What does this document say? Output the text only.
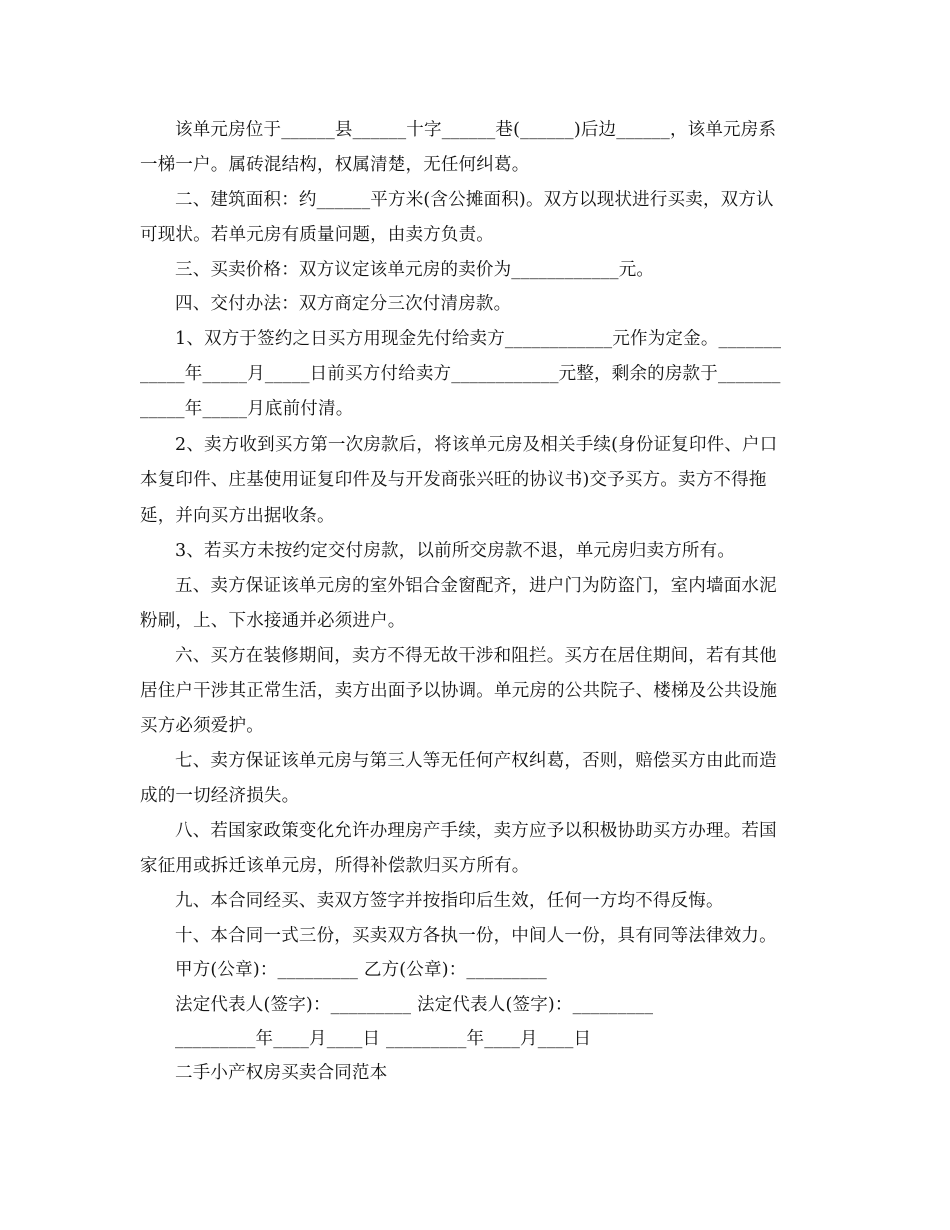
该单元房位于______县______十字______巷(______)后边______，该单元房系
一梯一户。属砖混结构，权属清楚，无任何纠葛。
二、建筑面积：约______平方米(含公摊面积)。双方以现状进行买卖，双方认
可现状。若单元房有质量问题，由卖方负责。
三、买卖价格：双方议定该单元房的卖价为____________元。
四、交付办法：双方商定分三次付清房款。
1、双方于签约之日买方用现金先付给卖方____________元作为定金。_______
_____年_____月_____日前买方付给卖方____________元整，剩余的房款于_______
_____年_____月底前付清。
2、卖方收到买方第一次房款后，将该单元房及相关手续(身份证复印件、户口
本复印件、庄基使用证复印件及与开发商张兴旺的协议书)交予买方。卖方不得拖
延，并向买方出据收条。
3、若买方未按约定交付房款，以前所交房款不退，单元房归卖方所有。
五、卖方保证该单元房的室外铝合金窗配齐，进户门为防盗门，室内墙面水泥
粉刷，上、下水接通并必须进户。
六、买方在装修期间，卖方不得无故干涉和阻拦。买方在居住期间，若有其他
居住户干涉其正常生活，卖方出面予以协调。单元房的公共院子、楼梯及公共设施
买方必须爱护。
七、卖方保证该单元房与第三人等无任何产权纠葛，否则，赔偿买方由此而造
成的一切经济损失。
八、若国家政策变化允许办理房产手续，卖方应予以积极协助买方办理。若国
家征用或拆迁该单元房，所得补偿款归买方所有。
九、本合同经买、卖双方签字并按指印后生效，任何一方均不得反悔。
十、本合同一式三份，买卖双方各执一份，中间人一份，具有同等法律效力。
甲方(公章)：_________ 乙方(公章)：_________
法定代表人(签字)：_________ 法定代表人(签字)：_________
_________年____月____日 _________年____月____日
二手小产权房买卖合同范本
